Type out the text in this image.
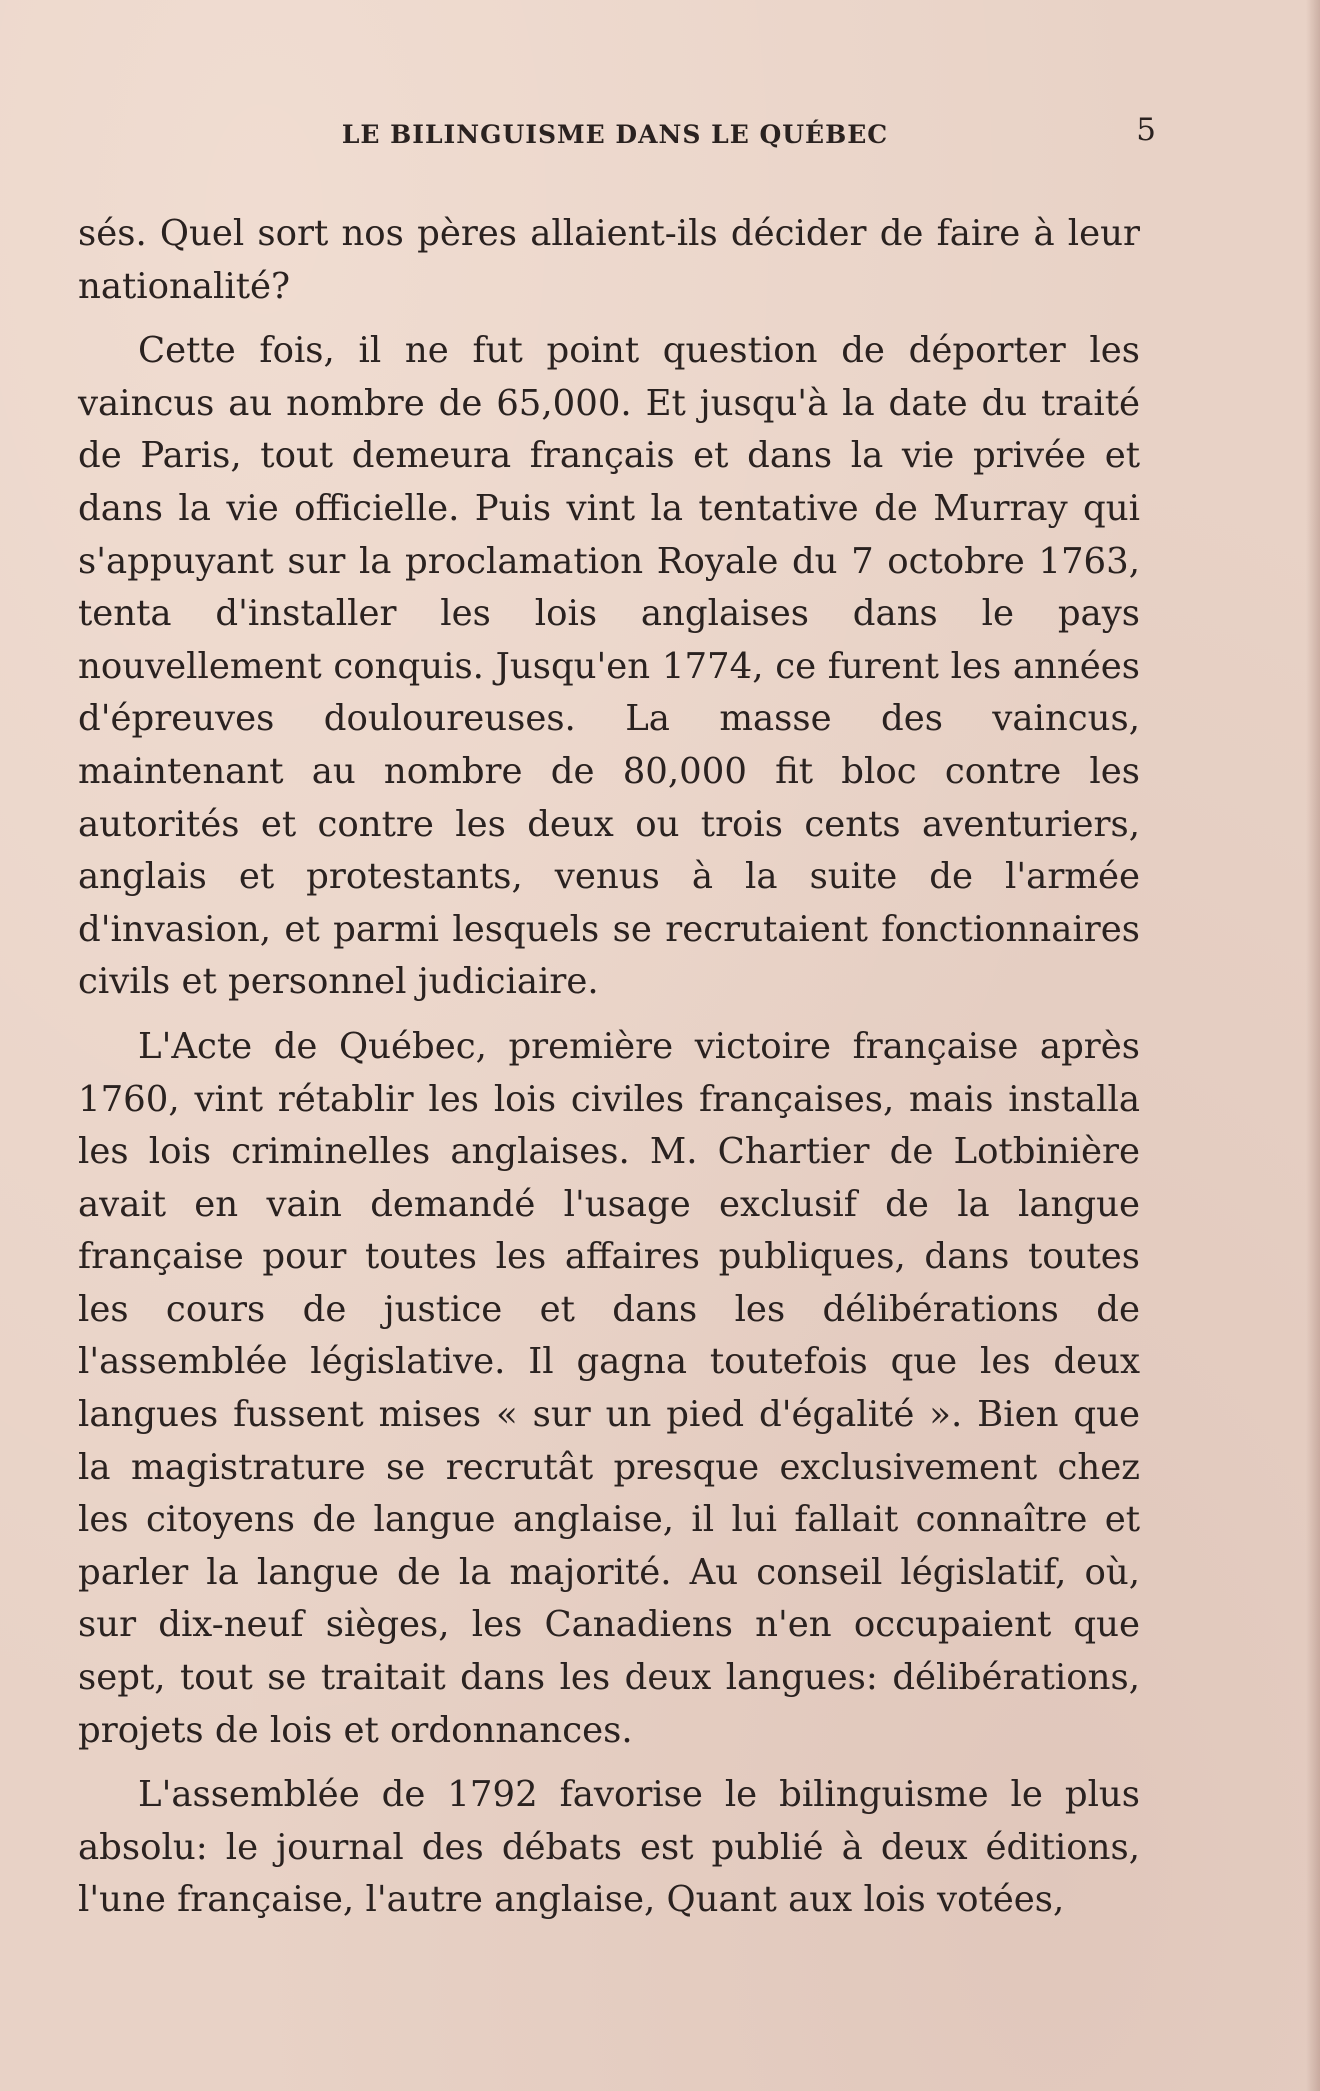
LE BILINGUISME DANS LE QUÉBEC	5

sés. Quel sort nos pères allaient-ils décider de faire à leur nationalité?

Cette fois, il ne fut point question de déporter les vaincus au nombre de 65,000. Et jusqu'à la date du traité de Paris, tout demeura français et dans la vie privée et dans la vie officielle. Puis vint la tentative de Murray qui s'appuyant sur la proclamation Royale du 7 octobre 1763, tenta d'installer les lois anglaises dans le pays nouvellement conquis. Jusqu'en 1774, ce furent les années d'épreuves douloureuses. La masse des vaincus, maintenant au nombre de 80,000 fit bloc contre les autorités et contre les deux ou trois cents aventuriers, anglais et protestants, venus à la suite de l'armée d'invasion, et parmi lesquels se recrutaient fonctionnaires civils et personnel judiciaire.

L'Acte de Québec, première victoire française après 1760, vint rétablir les lois civiles françaises, mais installa les lois criminelles anglaises. M. Chartier de Lotbinière avait en vain demandé l'usage exclusif de la langue française pour toutes les affaires publiques, dans toutes les cours de justice et dans les délibérations de l'assemblée législative. Il gagna toutefois que les deux langues fussent mises « sur un pied d'égalité ». Bien que la magistrature se recrutât presque exclusivement chez les citoyens de langue anglaise, il lui fallait connaître et parler la langue de la majorité. Au conseil législatif, où, sur dix-neuf sièges, les Canadiens n'en occupaient que sept, tout se traitait dans les deux langues: délibérations, projets de lois et ordonnances.

L'assemblée de 1792 favorise le bilinguisme le plus absolu: le journal des débats est publié à deux éditions, l'une française, l'autre anglaise, Quant aux lois votées,
